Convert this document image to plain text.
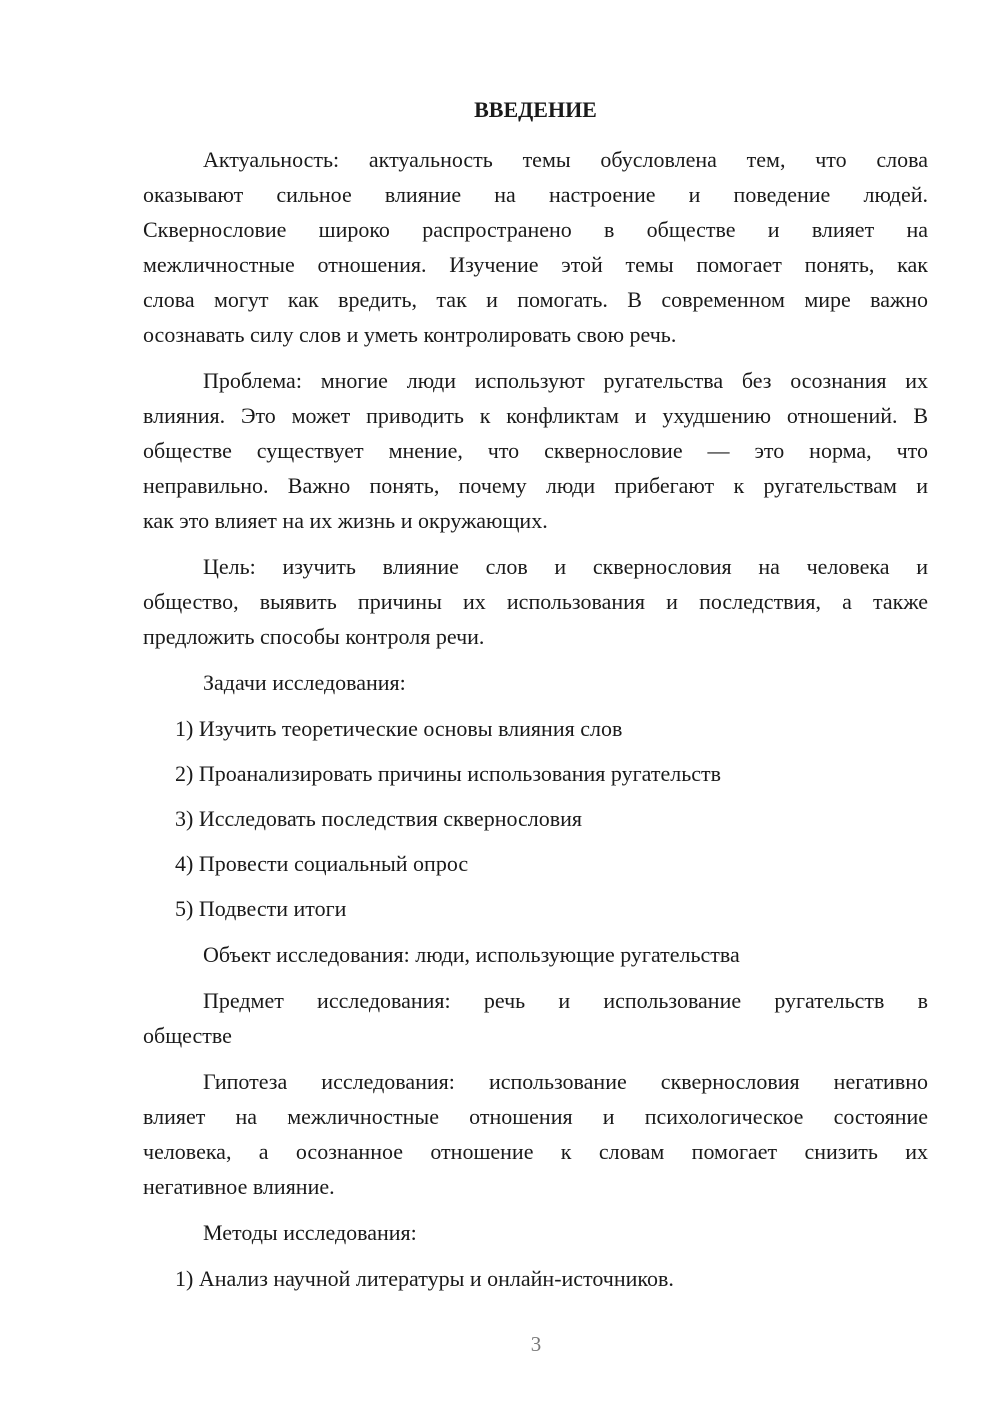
ВВЕДЕНИЕ
Актуальность: актуальность темы обусловлена тем, что слова
оказывают сильное влияние на настроение и поведение людей.
Сквернословие широко распространено в обществе и влияет на
межличностные отношения. Изучение этой темы помогает понять, как
слова могут как вредить, так и помогать. В современном мире важно
осознавать силу слов и уметь контролировать свою речь.
Проблема: многие люди используют ругательства без осознания их
влияния. Это может приводить к конфликтам и ухудшению отношений. В
обществе существует мнение, что сквернословие — это норма, что
неправильно. Важно понять, почему люди прибегают к ругательствам и
как это влияет на их жизнь и окружающих.
Цель: изучить влияние слов и сквернословия на человека и
общество, выявить причины их использования и последствия, а также
предложить способы контроля речи.
Задачи исследования:
1) Изучить теоретические основы влияния слов
2) Проанализировать причины использования ругательств
3) Исследовать последствия сквернословия
4) Провести социальный опрос
5) Подвести итоги
Объект исследования: люди, использующие ругательства
Предмет исследования: речь и использование ругательств в
обществе
Гипотеза исследования: использование сквернословия негативно
влияет на межличностные отношения и психологическое состояние
человека, а осознанное отношение к словам помогает снизить их
негативное влияние.
Методы исследования:
1) Анализ научной литературы и онлайн-источников.
3
